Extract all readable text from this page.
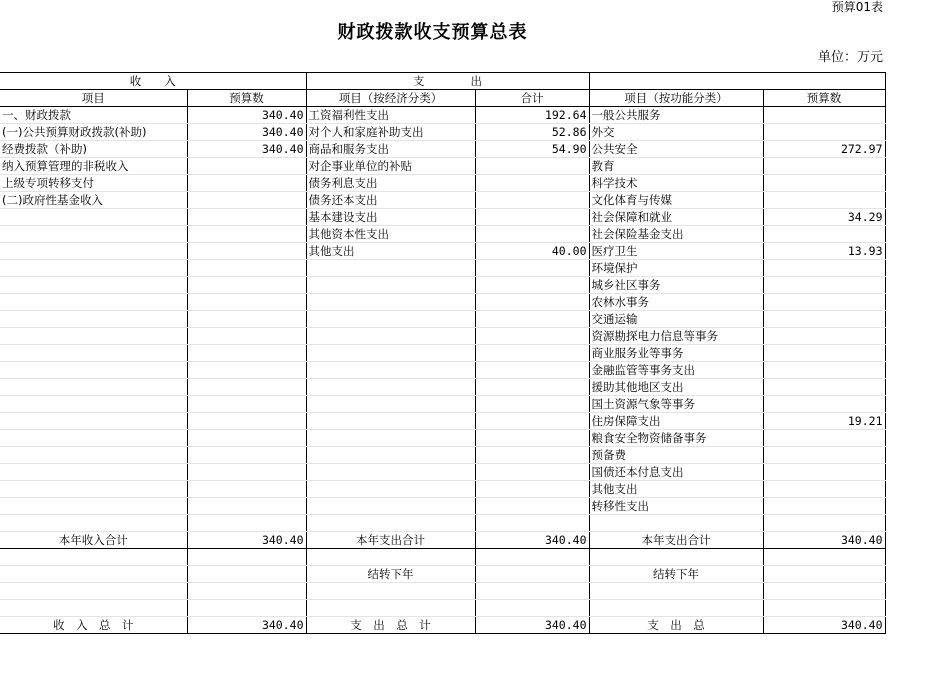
预算01表
财政拨款收支预算总表
单位：万元
收　　入		支　　　　出			
项目	预算数	项目（按经济分类）	合计	项目（按功能分类）	预算数
一、财政拨款	340.40	工资福利性支出	192.64	一般公共服务	
(一)公共预算财政拨款(补助)	340.40	对个人和家庭补助支出	52.86	外交	
经费拨款（补助)	340.40	商品和服务支出	54.90	公共安全	272.97
纳入预算管理的非税收入		对企事业单位的补贴		教育	
上级专项转移支付		债务利息支出		科学技术	
(二)政府性基金收入		债务还本支出		文化体育与传媒	
		基本建设支出		社会保障和就业	34.29
		其他资本性支出		社会保险基金支出	
		其他支出	40.00	医疗卫生	13.93
				环境保护	
				城乡社区事务	
				农林水事务	
				交通运输	
				资源勘探电力信息等事务	
				商业服务业等事务	
				金融监管等事务支出	
				援助其他地区支出	
				国土资源气象等事务	
				住房保障支出	19.21
				粮食安全物资储备事务	
				预备费	
				国债还本付息支出	
				其他支出	
				转移性支出	

本年收入合计	340.40	本年支出合计	340.40	本年支出合计	340.40

		结转下年		结转下年	

收　入　总　计	340.40	支　出　总　计	340.40	支　出　总	340.40
